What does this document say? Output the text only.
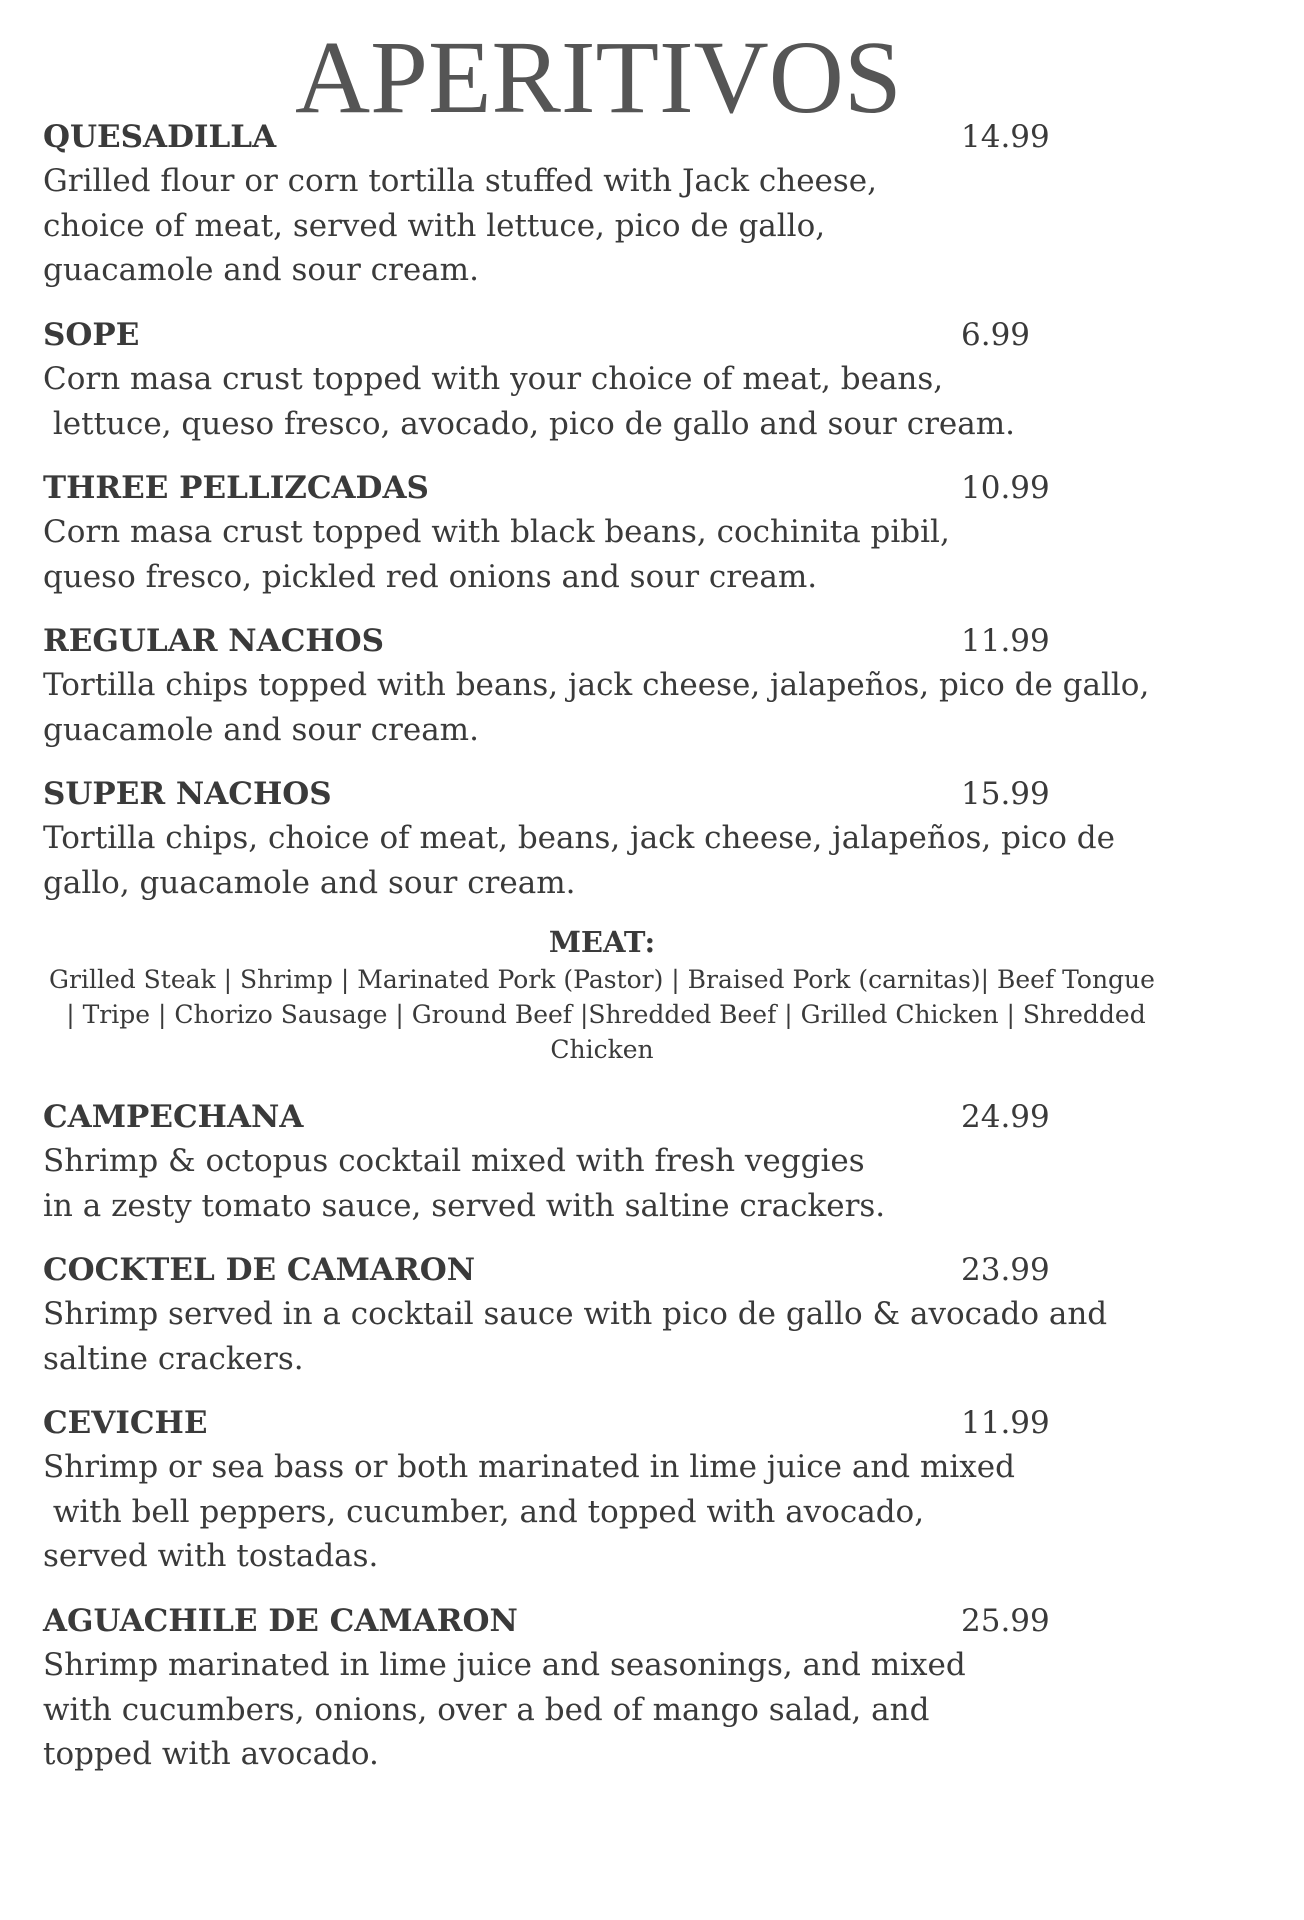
APERITIVOS
QUESADILLA	14.99
Grilled flour or corn tortilla stuffed with Jack cheese,
choice of meat, served with lettuce, pico de gallo,
guacamole and sour cream.
SOPE	6.99
Corn masa crust topped with your choice of meat, beans,
lettuce, queso fresco, avocado, pico de gallo and sour cream.
THREE PELLIZCADAS	10.99
Corn masa crust topped with black beans, cochinita pibil,
queso fresco, pickled red onions and sour cream.
REGULAR NACHOS	11.99
Tortilla chips topped with beans, jack cheese, jalapeños, pico de gallo,
guacamole and sour cream.
SUPER NACHOS	15.99
Tortilla chips, choice of meat, beans, jack cheese, jalapeños, pico de
gallo, guacamole and sour cream.
MEAT:
Grilled Steak | Shrimp | Marinated Pork (Pastor) | Braised Pork (carnitas)| Beef Tongue
| Tripe | Chorizo Sausage | Ground Beef |Shredded Beef | Grilled Chicken | Shredded
Chicken
CAMPECHANA	24.99
Shrimp & octopus cocktail mixed with fresh veggies
in a zesty tomato sauce, served with saltine crackers.
COCKTEL DE CAMARON	23.99
Shrimp served in a cocktail sauce with pico de gallo & avocado and
saltine crackers.
CEVICHE	11.99
Shrimp or sea bass or both marinated in lime juice and mixed
with bell peppers, cucumber, and topped with avocado,
served with tostadas.
AGUACHILE DE CAMARON	25.99
Shrimp marinated in lime juice and seasonings, and mixed
with cucumbers, onions, over a bed of mango salad, and
topped with avocado.
